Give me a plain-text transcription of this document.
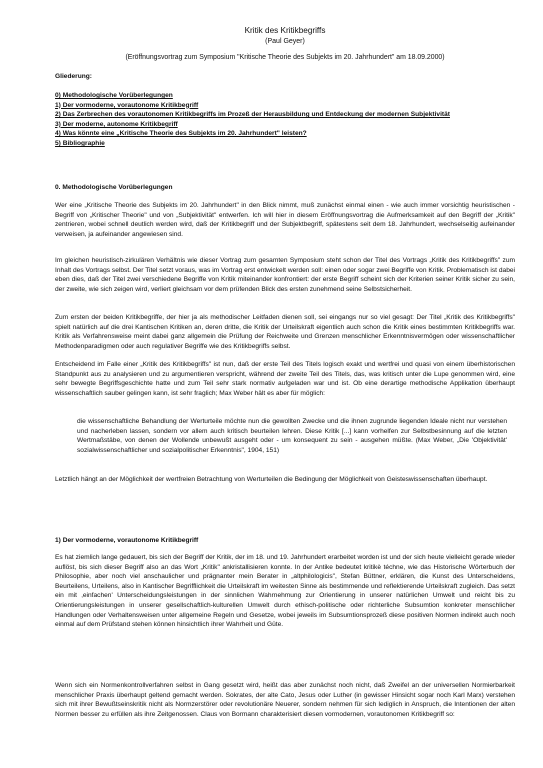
Kritik des Kritikbegriffs

(Paul Geyer)

(Eröffnungsvortrag zum Symposium "Kritische Theorie des Subjekts im 20. Jahrhundert" am 18.09.2000)

Gliederung:

0) Methodologische Vorüberlegungen
1) Der vormoderne, vorautonome Kritikbegriff
2) Das Zerbrechen des vorautonomen Kritikbegriffs im Prozeß der Herausbildung und Entdeckung der modernen Subjektivität
3) Der moderne, autonome Kritikbegriff
4) Was könnte eine „Kritische Theorie des Subjekts im 20. Jahrhundert" leisten?
5) Bibliographie

0. Methodologische Vorüberlegungen

Wer eine „Kritische Theorie des Subjekts im 20. Jahrhundert" in den Blick nimmt, muß zunächst einmal einen - wie auch immer vorsichtig heuristischen - Begriff von „Kritischer Theorie" und von „Subjektivität" entwerfen. Ich will hier in diesem Eröffnungsvortrag die Aufmerksamkeit auf den Begriff der „Kritik" zentrieren, wobei schnell deutlich werden wird, daß der Kritikbegriff und der Subjektbegriff, spätestens seit dem 18. Jahrhundert, wechselseitig aufeinander verweisen, ja aufeinander angewiesen sind.

Im gleichen heuristisch-zirkulären Verhältnis wie dieser Vortrag zum gesamten Symposium steht schon der Titel des Vortrags „Kritik des Kritikbegriffs" zum Inhalt des Vortrags selbst. Der Titel setzt voraus, was im Vortrag erst entwickelt werden soll: einen oder sogar zwei Begriffe von Kritik. Problematisch ist dabei eben dies, daß der Titel zwei verschiedene Begriffe von Kritik miteinander konfrontiert: der erste Begriff scheint sich der Kriterien seiner Kritik sicher zu sein, der zweite, wie sich zeigen wird, verliert gleichsam vor dem prüfenden Blick des ersten zunehmend seine Selbstsicherheit.

Zum ersten der beiden Kritikbegriffe, der hier ja als methodischer Leitfaden dienen soll, sei eingangs nur so viel gesagt: Der Titel „Kritik des Kritikbegriffs" spielt natürlich auf die drei Kantischen Kritiken an, deren dritte, die Kritik der Urteilskraft eigentlich auch schon die Kritik eines bestimmten Kritikbegriffs war. Kritik als Verfahrensweise meint dabei ganz allgemein die Prüfung der Reichweite und Grenzen menschlicher Erkenntnisvermögen oder wissenschaftlicher Methodenparadigmen oder auch regulativer Begriffe wie des Kritikbegriffs selbst.

Entscheidend im Falle einer „Kritik des Kritikbegriffs" ist nun, daß der erste Teil des Titels logisch exakt und wertfrei und quasi von einem überhistorischen Standpunkt aus zu analysieren und zu argumentieren verspricht, während der zweite Teil des Titels, das, was kritisch unter die Lupe genommen wird, eine sehr bewegte Begriffsgeschichte hatte und zum Teil sehr stark normativ aufgeladen war und ist. Ob eine derartige methodische Applikation überhaupt wissenschaftlich sauber gelingen kann, ist sehr fraglich; Max Weber hält es aber für möglich:

die wissenschaftliche Behandlung der Werturteile möchte nun die gewollten Zwecke und die ihnen zugrunde liegenden Ideale nicht nur verstehen und nacherleben lassen, sondern vor allem auch kritisch beurteilen lehren. Diese Kritik [...] kann vorhelfen zur Selbstbesinnung auf die letzten Wertmaßstäbe, von denen der Wollende unbewußt ausgeht oder - um konsequent zu sein - ausgehen müßte. (Max Weber, „Die 'Objektivität' sozialwissenschaftlicher und sozialpolitischer Erkenntnis", 1904, 151)

Letztlich hängt an der Möglichkeit der wertfreien Betrachtung von Werturteilen die Bedingung der Möglichkeit von Geisteswissenschaften überhaupt.

1) Der vormoderne, vorautonome Kritikbegriff

Es hat ziemlich lange gedauert, bis sich der Begriff der Kritik, der im 18. und 19. Jahrhundert erarbeitet worden ist und der sich heute vielleicht gerade wieder auflöst, bis sich dieser Begriff also an das Wort „Kritik" ankristallisieren konnte. In der Antike bedeutet kritikè téchne, wie das Historische Wörterbuch der Philosophie, aber noch viel anschaulicher und prägnanter mein Berater in „altphilologicis", Stefan Büttner, erklären, die Kunst des Unterscheidens, Beurteilens, Urteilens, also in Kantischer Begrifflichkeit die Urteilskraft im weitesten Sinne als bestimmende und reflektierende Urteilskraft zugleich. Das setzt ein mit ‚einfachen' Unterscheidungsleistungen in der sinnlichen Wahrnehmung zur Orientierung in unserer natürlichen Umwelt und reicht bis zu Orientierungsleistungen in unserer gesellschaftlich-kulturellen Umwelt durch ethisch-politische oder richterliche Subsumtion konkreter menschlicher Handlungen oder Verhaltensweisen unter allgemeine Regeln und Gesetze, wobei jeweils im Subsumtionsprozeß diese positiven Normen indirekt auch noch einmal auf dem Prüfstand stehen können hinsichtlich ihrer Wahrheit und Güte.

Wenn sich ein Normenkontrollverfahren selbst in Gang gesetzt wird, heißt das aber zunächst noch nicht, daß Zweifel an der universellen Normierbarkeit menschlicher Praxis überhaupt geltend gemacht werden. Sokrates, der alte Cato, Jesus oder Luther (in gewisser Hinsicht sogar noch Karl Marx) verstehen sich mit ihrer Bewußtseinskritik nicht als Normzerstörer oder revolutionäre Neuerer, sondern nehmen für sich lediglich in Anspruch, die Intentionen der alten Normen besser zu erfüllen als ihre Zeitgenossen. Claus von Bormann charakterisiert diesen vormodernen, vorautonomen Kritikbegriff so:
